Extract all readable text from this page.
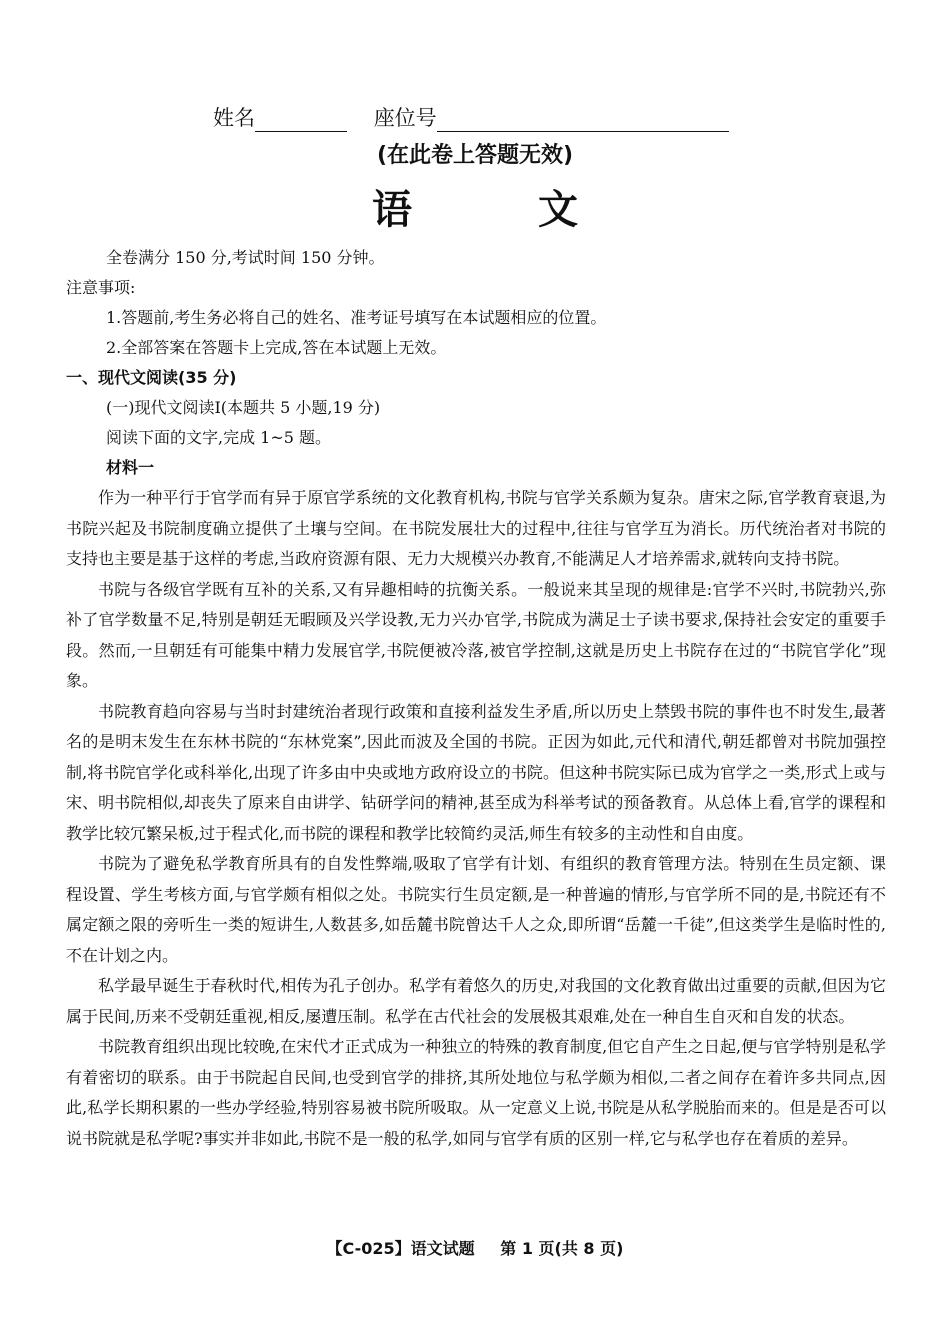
姓名	座位号
(在此卷上答题无效)
语 文
全卷满分 150 分,考试时间 150 分钟。
注意事项:
1.答题前,考生务必将自己的姓名、准考证号填写在本试题相应的位置。
2.全部答案在答题卡上完成,答在本试题上无效。
一、现代文阅读(35 分)
(一)现代文阅读Ⅰ(本题共 5 小题,19 分)
阅读下面的文字,完成 1~5 题。
材料一

作为一种平行于官学而有异于原官学系统的文化教育机构,书院与官学关系颇为复杂。唐宋之际,官学教育衰退,为书院兴起及书院制度确立提供了土壤与空间。在书院发展壮大的过程中,往往与官学互为消长。历代统治者对书院的支持也主要是基于这样的考虑,当政府资源有限、无力大规模兴办教育,不能满足人才培养需求,就转向支持书院。

书院与各级官学既有互补的关系,又有异趣相峙的抗衡关系。一般说来其呈现的规律是:官学不兴时,书院勃兴,弥补了官学数量不足,特别是朝廷无暇顾及兴学设教,无力兴办官学,书院成为满足士子读书要求,保持社会安定的重要手段。然而,一旦朝廷有可能集中精力发展官学,书院便被冷落,被官学控制,这就是历史上书院存在过的“书院官学化”现象。

书院教育趋向容易与当时封建统治者现行政策和直接利益发生矛盾,所以历史上禁毁书院的事件也不时发生,最著名的是明末发生在东林书院的“东林党案”,因此而波及全国的书院。正因为如此,元代和清代,朝廷都曾对书院加强控制,将书院官学化或科举化,出现了许多由中央或地方政府设立的书院。但这种书院实际已成为官学之一类,形式上或与宋、明书院相似,却丧失了原来自由讲学、钻研学问的精神,甚至成为科举考试的预备教育。从总体上看,官学的课程和教学比较冗繁呆板,过于程式化,而书院的课程和教学比较简约灵活,师生有较多的主动性和自由度。

书院为了避免私学教育所具有的自发性弊端,吸取了官学有计划、有组织的教育管理方法。特别在生员定额、课程设置、学生考核方面,与官学颇有相似之处。书院实行生员定额,是一种普遍的情形,与官学所不同的是,书院还有不属定额之限的旁听生一类的短讲生,人数甚多,如岳麓书院曾达千人之众,即所谓“岳麓一千徒”,但这类学生是临时性的,不在计划之内。

私学最早诞生于春秋时代,相传为孔子创办。私学有着悠久的历史,对我国的文化教育做出过重要的贡献,但因为它属于民间,历来不受朝廷重视,相反,屡遭压制。私学在古代社会的发展极其艰难,处在一种自生自灭和自发的状态。

书院教育组织出现比较晚,在宋代才正式成为一种独立的特殊的教育制度,但它自产生之日起,便与官学特别是私学有着密切的联系。由于书院起自民间,也受到官学的排挤,其所处地位与私学颇为相似,二者之间存在着许多共同点,因此,私学长期积累的一些办学经验,特别容易被书院所吸取。从一定意义上说,书院是从私学脱胎而来的。但是是否可以说书院就是私学呢?事实并非如此,书院不是一般的私学,如同与官学有质的区别一样,它与私学也存在着质的差异。

【C-025】语文试题 第 1 页(共 8 页)
